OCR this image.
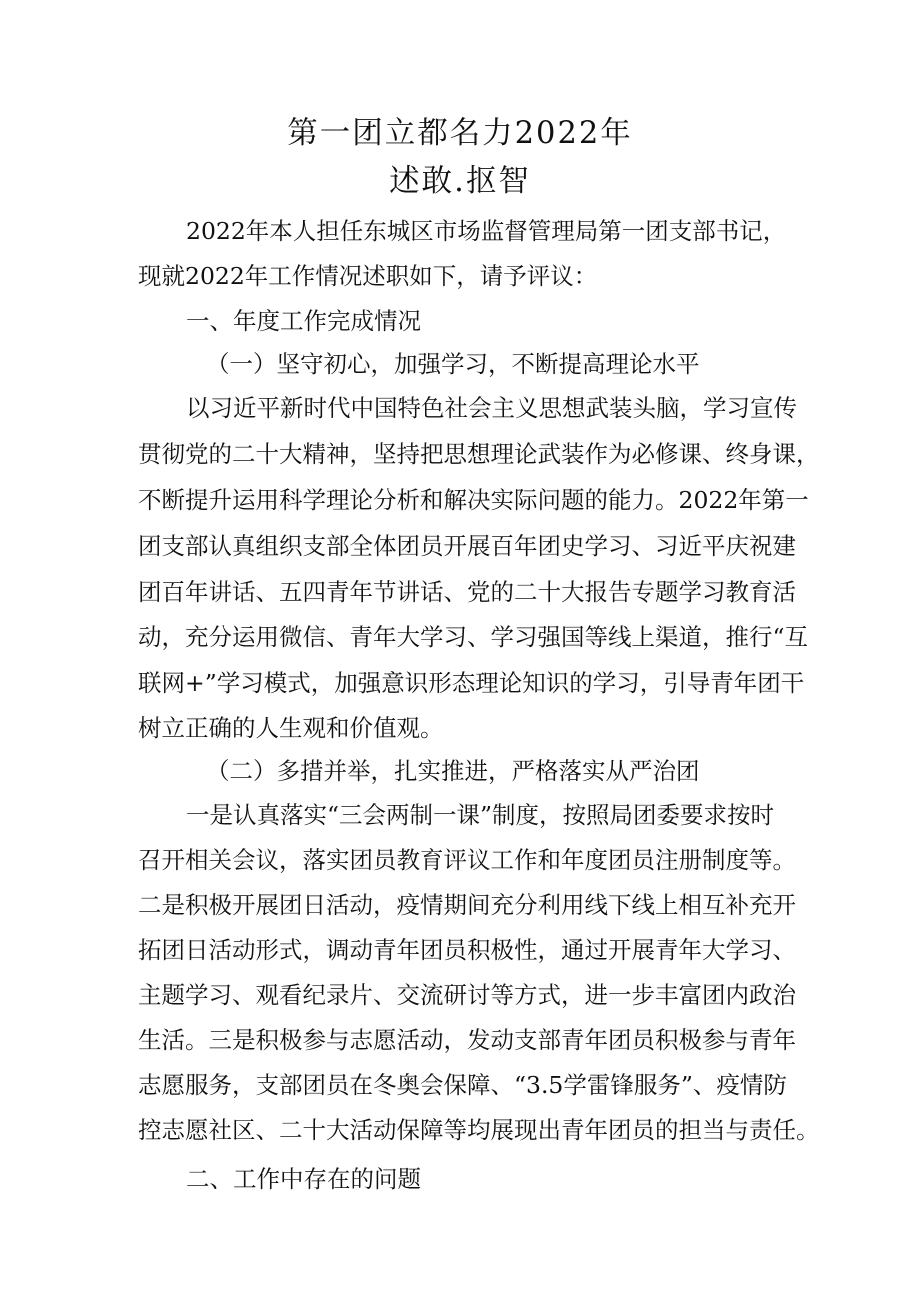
第一团立都名力2022年
述敢.抠智
2022年本人担任东城区市场监督管理局第一团支部书记，
现就2022年工作情况述职如下，请予评议：
一、年度工作完成情况
（一）坚守初心，加强学习，不断提高理论水平
以习近平新时代中国特色社会主义思想武装头脑，学习宣传
贯彻党的二十大精神，坚持把思想理论武装作为必修课、终身课，
不断提升运用科学理论分析和解决实际问题的能力。2022年第一
团支部认真组织支部全体团员开展百年团史学习、习近平庆祝建
团百年讲话、五四青年节讲话、党的二十大报告专题学习教育活
动，充分运用微信、青年大学习、学习强国等线上渠道，推行“互
联网+”学习模式，加强意识形态理论知识的学习，引导青年团干
树立正确的人生观和价值观。
（二）多措并举，扎实推进，严格落实从严治团
一是认真落实“三会两制一课”制度，按照局团委要求按时
召开相关会议，落实团员教育评议工作和年度团员注册制度等。
二是积极开展团日活动，疫情期间充分利用线下线上相互补充开
拓团日活动形式，调动青年团员积极性，通过开展青年大学习、
主题学习、观看纪录片、交流研讨等方式，进一步丰富团内政治
生活。三是积极参与志愿活动，发动支部青年团员积极参与青年
志愿服务，支部团员在冬奥会保障、“3.5学雷锋服务”、疫情防
控志愿社区、二十大活动保障等均展现出青年团员的担当与责任。
二、工作中存在的问题
